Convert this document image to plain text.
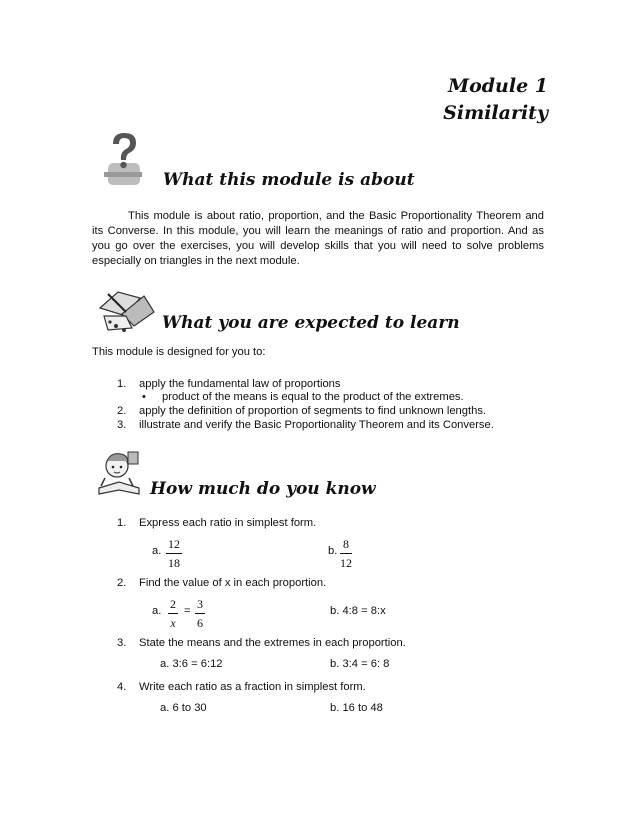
Module 1
Similarity
What this module is about
This module is about ratio, proportion, and the Basic Proportionality Theorem and its Converse. In this module, you will learn the meanings of ratio and proportion. And as you go over the exercises, you will develop skills that you will need to solve problems especially on triangles in the next module.
What you are expected to learn
This module is designed for you to:
1. apply the fundamental law of proportions
• product of the means is equal to the product of the extremes.
2. apply the definition of proportion of segments to find unknown lengths.
3. illustrate and verify the Basic Proportionality Theorem and its Converse.
How much do you know
1. Express each ratio in simplest form.
a. $\frac{12}{18}$	b. $\frac{8}{12}$
2. Find the value of x in each proportion.
a. $\frac{2}{x} = \frac{3}{6}$	b. 4:8 = 8:x
3. State the means and the extremes in each proportion.
a. 3:6 = 6:12	b. 3:4 = 6: 8
4. Write each ratio as a fraction in simplest form.
a. 6 to 30	b. 16 to 48
